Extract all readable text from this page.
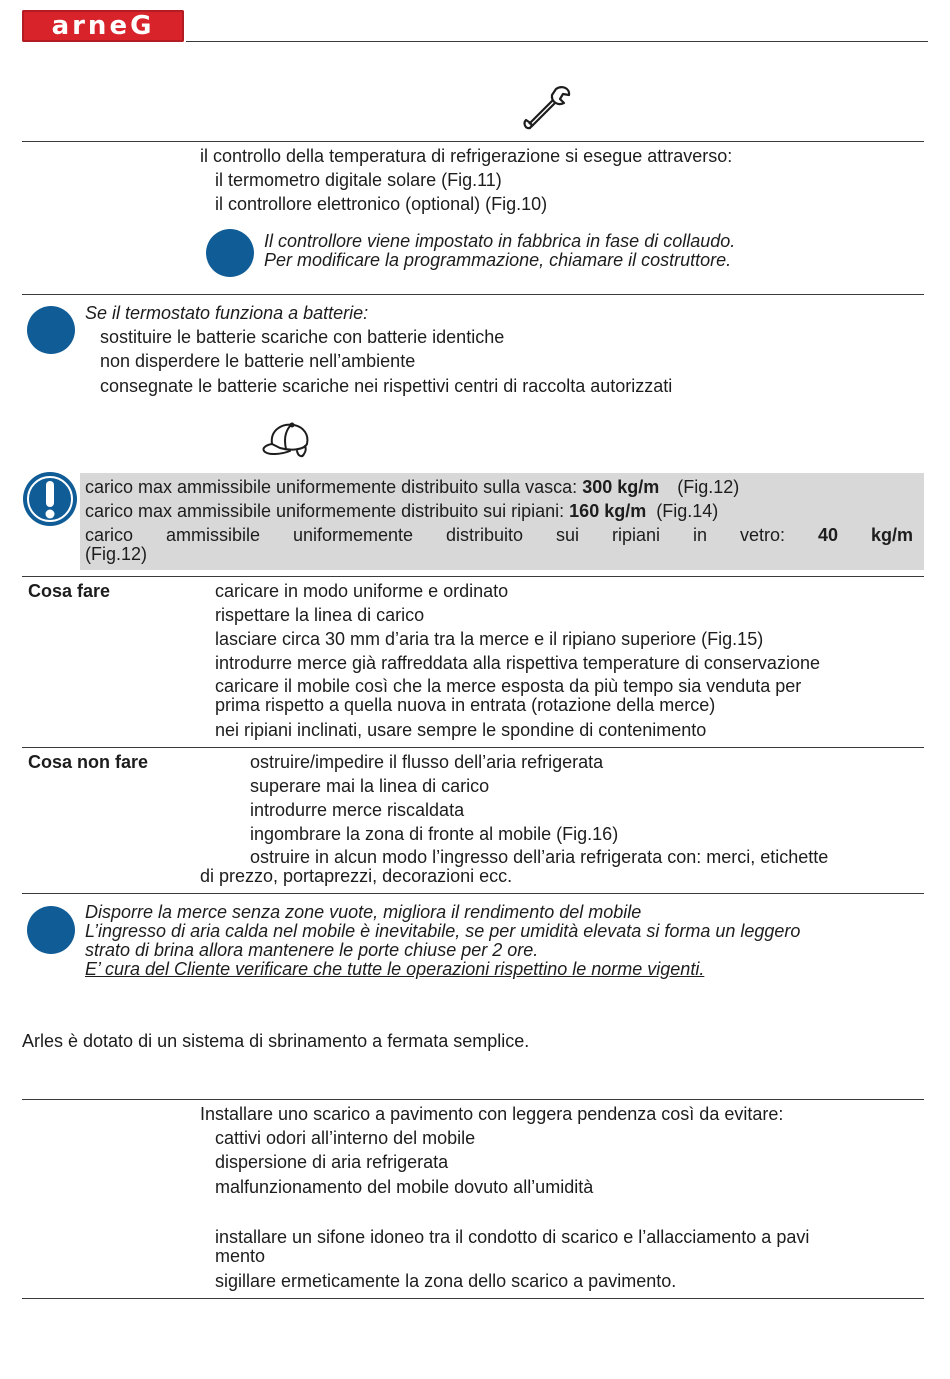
arneG
il controllo della temperatura di refrigerazione si esegue attraverso:
il termometro digitale solare (Fig.11)
il controllore elettronico (optional) (Fig.10)
Il controllore viene impostato in fabbrica in fase di collaudo.
Per modificare la programmazione, chiamare il costruttore.
Se il termostato funziona a batterie:
sostituire le batterie scariche con batterie identiche
non disperdere le batterie nell’ambiente
consegnate le batterie scariche nei rispettivi centri di raccolta autorizzati
carico max ammissibile uniformemente distribuito sulla vasca: 300 kg/m (Fig.12)
carico max ammissibile uniformemente distribuito sui ripiani: 160 kg/m (Fig.14)
carico ammissibile uniformemente distribuito sui ripiani in vetro: 40 kg/m
(Fig.12)
Cosa fare	caricare in modo uniforme e ordinato
rispettare la linea di carico
lasciare circa 30 mm d’aria tra la merce e il ripiano superiore (Fig.15)
introdurre merce già raffreddata alla rispettiva temperature di conservazione
caricare il mobile così che la merce esposta da più tempo sia venduta per
prima rispetto a quella nuova in entrata (rotazione della merce)
nei ripiani inclinati, usare sempre le spondine di contenimento
Cosa non fare	ostruire/impedire il flusso dell’aria refrigerata
superare mai la linea di carico
introdurre merce riscaldata
ingombrare la zona di fronte al mobile (Fig.16)
ostruire in alcun modo l’ingresso dell’aria refrigerata con: merci, etichette
di prezzo, portaprezzi, decorazioni ecc.
Disporre la merce senza zone vuote, migliora il rendimento del mobile
L’ingresso di aria calda nel mobile è inevitabile, se per umidità elevata si forma un leggero
strato di brina allora mantenere le porte chiuse per 2 ore.
E’ cura del Cliente verificare che tutte le operazioni rispettino le norme vigenti.
Arles è dotato di un sistema di sbrinamento a fermata semplice.
Installare uno scarico a pavimento con leggera pendenza così da evitare:
cattivi odori all’interno del mobile
dispersione di aria refrigerata
malfunzionamento del mobile dovuto all’umidità
installare un sifone idoneo tra il condotto di scarico e l’allacciamento a pavi
mento
sigillare ermeticamente la zona dello scarico a pavimento.
